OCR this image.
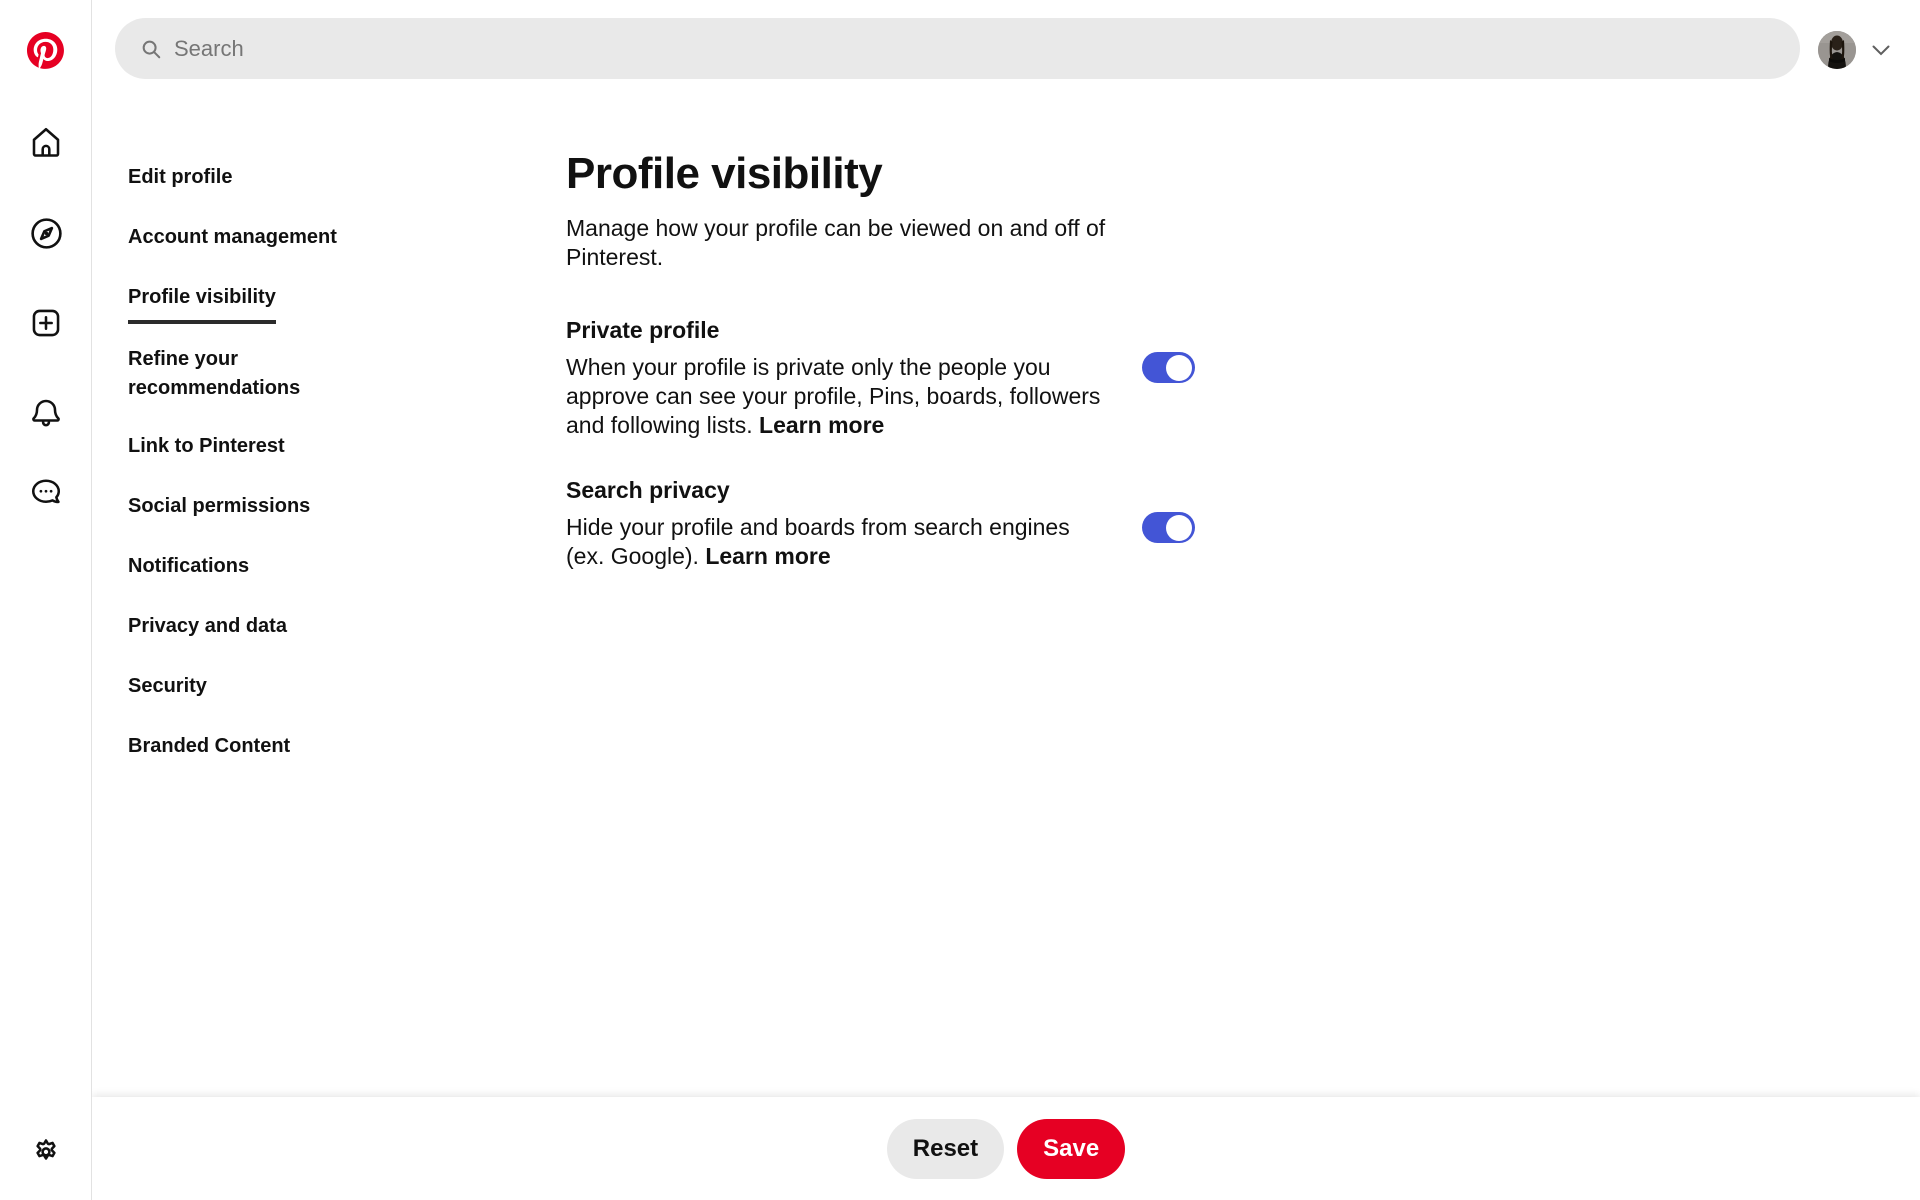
Search
Edit profile
Account management
Profile visibility
Refine your recommendations
Link to Pinterest
Social permissions
Notifications
Privacy and data
Security
Branded Content
Profile visibility

Manage how your profile can be viewed on and off of Pinterest.

Private profile

When your profile is private only the people you approve can see your profile, Pins, boards, followers and following lists. Learn more

Search privacy

Hide your profile and boards from search engines (ex. Google). Learn more

Reset	Save
